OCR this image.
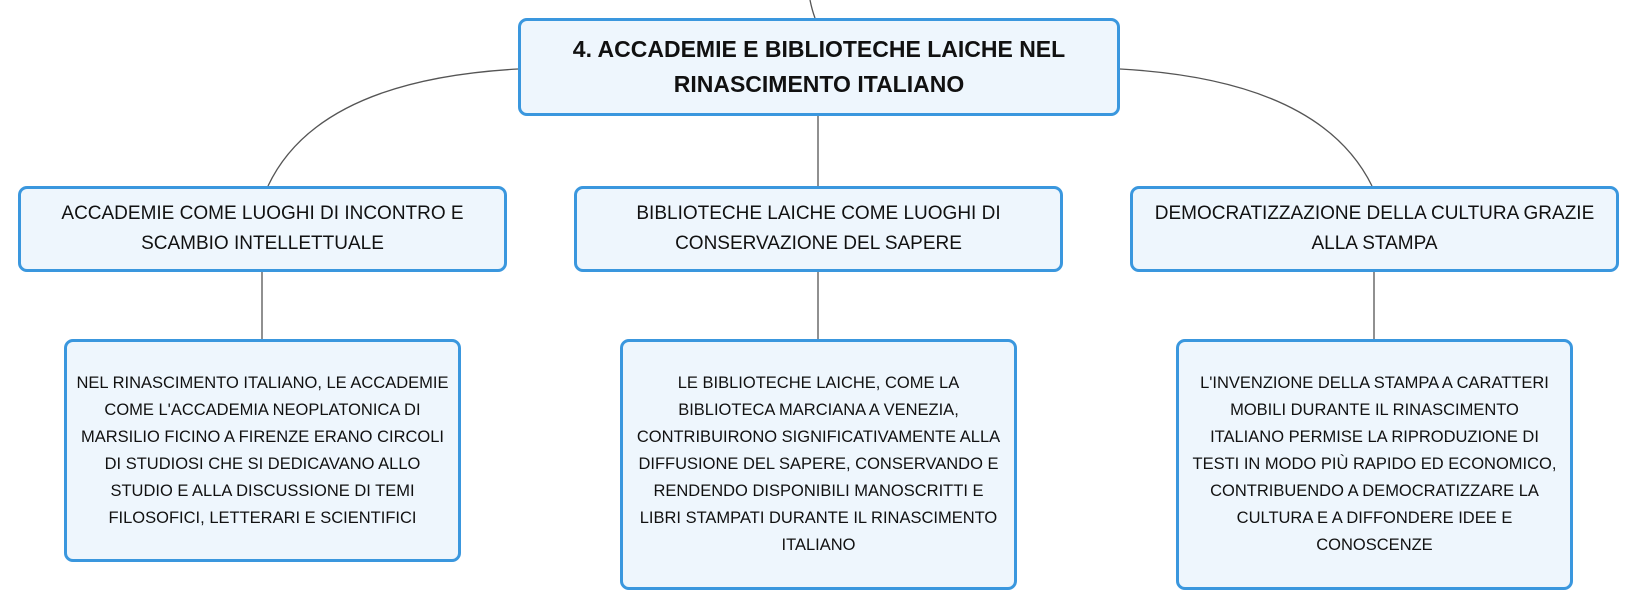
4. ACCADEMIE E BIBLIOTECHE LAICHE NEL
RINASCIMENTO ITALIANO
ACCADEMIE COME LUOGHI DI INCONTRO E
SCAMBIO INTELLETTUALE
BIBLIOTECHE LAICHE COME LUOGHI DI
CONSERVAZIONE DEL SAPERE
DEMOCRATIZZAZIONE DELLA CULTURA GRAZIE
ALLA STAMPA
NEL RINASCIMENTO ITALIANO, LE ACCADEMIE
COME L'ACCADEMIA NEOPLATONICA DI
MARSILIO FICINO A FIRENZE ERANO CIRCOLI
DI STUDIOSI CHE SI DEDICAVANO ALLO
STUDIO E ALLA DISCUSSIONE DI TEMI
FILOSOFICI, LETTERARI E SCIENTIFICI
LE BIBLIOTECHE LAICHE, COME LA
BIBLIOTECA MARCIANA A VENEZIA,
CONTRIBUIRONO SIGNIFICATIVAMENTE ALLA
DIFFUSIONE DEL SAPERE, CONSERVANDO E
RENDENDO DISPONIBILI MANOSCRITTI E
LIBRI STAMPATI DURANTE IL RINASCIMENTO
ITALIANO
L'INVENZIONE DELLA STAMPA A CARATTERI
MOBILI DURANTE IL RINASCIMENTO
ITALIANO PERMISE LA RIPRODUZIONE DI
TESTI IN MODO PIÙ RAPIDO ED ECONOMICO,
CONTRIBUENDO A DEMOCRATIZZARE LA
CULTURA E A DIFFONDERE IDEE E
CONOSCENZE
